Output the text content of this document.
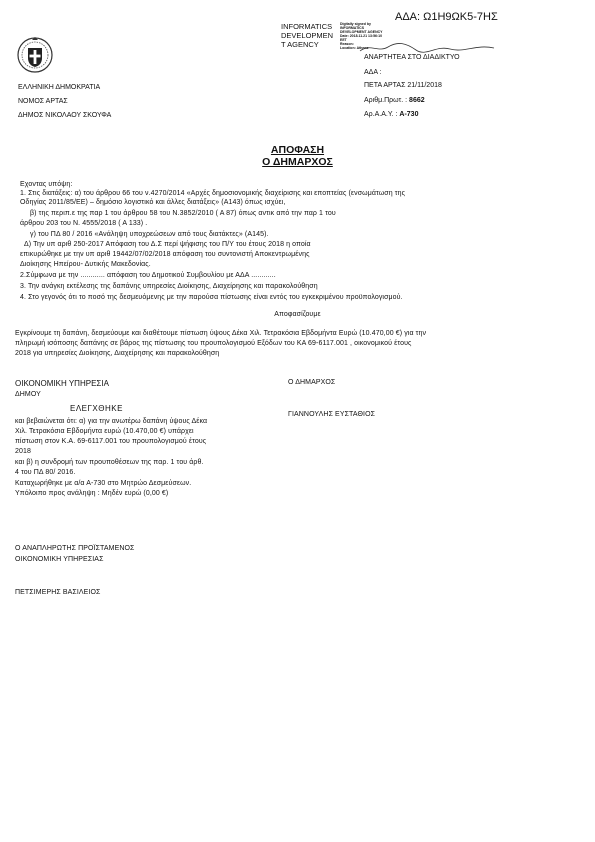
ΑΔΑ: Ω1Η9ΩΚ5-7ΗΣ
INFORMATICS
DEVELOPMEN
T AGENCY
Digitally signed by
INFORMATICS
DEVELOPMENT AGENCY
Date: 2018.11.21 13:56:10
EET
Reason:
Location: Athens
ΑΝΑΡΤΗΤΕΑ ΣΤΟ ΔΙΑΔΙΚΤΥΟ
ΑΔΑ :
ΠΕΤΑ ΑΡΤΑΣ 21/11/2018
Αριθμ.Πρωτ. : 8662
Αρ.Α.Α.Υ. : Α-730
ΕΛΛΗΝΙΚΗ ΔΗΜΟΚΡΑΤΙΑ
ΝΟΜΟΣ ΑΡΤΑΣ
ΔΗΜΟΣ ΝΙΚΟΛΑΟΥ ΣΚΟΥΦΑ
ΑΠΟΦΑΣΗ
Ο ΔΗΜΑΡΧΟΣ
Εχοντας υπόψη:
1. Στις διατάξεις: α) του άρθρου 66 του ν.4270/2014 «Αρχές δημοσιονομικής διαχείρισης και εποπτείας (ενσωμάτωση της
Οδηγίας 2011/85/ΕΕ) – δημόσιο λογιστικό και άλλες διατάξεις» (Α143) όπως ισχύει,
β) της περιπ.ε της παρ 1 του άρθρου 58 του Ν.3852/2010 ( Α 87) όπως αντικ από την παρ 1 του
άρθρου 203 του Ν. 4555/2018 ( Α 133) .
γ) του ΠΔ 80 / 2016 «Ανάληψη υποχρεώσεων από τους διατάκτες» (Α145).
Δ) Την υπ αριθ 250-2017 Απόφαση του Δ.Σ περί ψήφισης του Π/Υ του έτους 2018 η οποία
επικυρώθηκε με την υπ αριθ 19442/07/02/2018 απόφαση του συντονιστή Αποκεντρωμένης
Διοίκησης Ηπείρου- Δυτικής Μακεδονίας.
2.Σύμφωνα με την ............ απόφαση του Δημοτικού Συμβουλίου με ΑΔΑ ............
3. Την ανάγκη εκτέλεσης της δαπάνης υπηρεσίες Διοίκησης, Διαχείρησης και παρακολούθηση
4. Στο γεγονός ότι το ποσό της δεσμευόμενης με την παρούσα πίστωσης είναι εντός του εγκεκριμένου προϋπολογισμού.
Αποφασίζουμε
Εγκρίνουμε τη δαπάνη, δεσμεύουμε και διαθέτουμε πίστωση ύψους Δέκα Χιλ. Τετρακόσια Εβδομήντα Ευρώ (10.470,00 €) για την
πληρωμή ισόποσης δαπάνης σε βάρος της πίστωσης του προυπολογισμού Εξόδων του ΚΑ 69-6117.001 , οικονομικού έτους
2018 για υπηρεσίες Διοίκησης, Διαχείρησης και παρακολούθηση
ΟΙΚΟΝΟΜΙΚΗ ΥΠΗΡΕΣΙΑ
ΔΗΜΟΥ
ΕΛΕΓΧΘΗΚΕ
και βεβαιώνεται ότι: α) για την ανωτέρω δαπάνη ύψους Δέκα
Χιλ. Τετρακόσια Εβδομήντα ευρώ (10.470,00 €) υπάρχει
πίστωση στον Κ.Α. 69-6117.001 του προυπολογισμού έτους
2018
και β) η συνδρομή των προυποθέσεων της παρ. 1 του άρθ.
4 του ΠΔ 80/ 2016.
Καταχωρήθηκε με α/α Α-730 στο Μητρώο Δεσμεύσεων.
Υπόλοιπο προς ανάληψη : Μηδέν ευρώ (0,00 €)
Ο ΔΗΜΑΡΧΟΣ
ΓΙΑΝΝΟΥΛΗΣ ΕΥΣΤΑΘΙΟΣ
Ο ΑΝΑΠΛΗΡΩΤΗΣ ΠΡΟΪΣΤΑΜΕΝΟΣ
ΟΙΚΟΝΟΜΙΚΗ ΥΠΗΡΕΣΙΑΣ
ΠΕΤΣΙΜΕΡΗΣ ΒΑΣΙΛΕΙΟΣ
